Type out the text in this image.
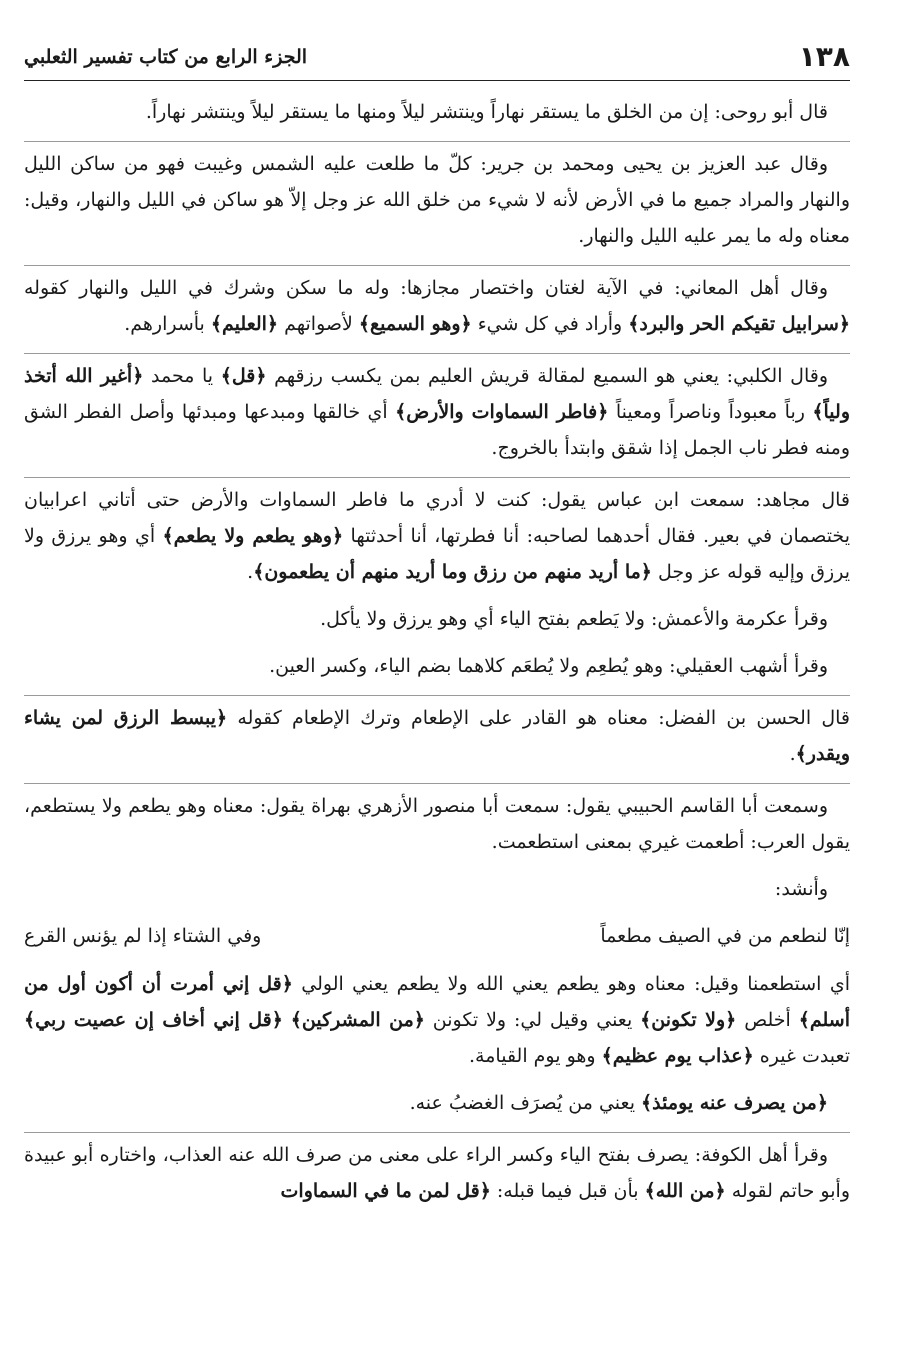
١٣٨
الجزء الرابع من كتاب تفسير الثعلبي

قال أبو روحى: إن من الخلق ما يستقر نهاراً وينتشر ليلاً ومنها ما يستقر ليلاً وينتشر نهاراً.

وقال عبد العزيز بن يحيى ومحمد بن جرير: كلّ ما طلعت عليه الشمس وغيبت فهو من ساكن الليل والنهار والمراد جميع ما في الأرض لأنه لا شيء من خلق الله عز وجل إلاّ هو ساكن في الليل والنهار، وقيل: معناه وله ما يمر عليه الليل والنهار.

وقال أهل المعاني: في الآية لغتان واختصار مجازها: وله ما سكن وشرك في الليل والنهار كقوله ﴿سرابيل تقيكم الحر والبرد﴾ وأراد في كل شيء ﴿وهو السميع﴾ لأصواتهم ﴿العليم﴾ بأسرارهم.

وقال الكلبي: يعني هو السميع لمقالة قريش العليم بمن يكسب رزقهم ﴿قل﴾ يا محمد ﴿أغير الله أتخذ ولياً﴾ رباً معبوداً وناصراً ومعيناً ﴿فاطر السماوات والأرض﴾ أي خالقها ومبدعها ومبدئها وأصل الفطر الشق ومنه فطر ناب الجمل إذا شقق وابتدأ بالخروج.

قال مجاهد: سمعت ابن عباس يقول: كنت لا أدري ما فاطر السماوات والأرض حتى أتاني اعرابيان يختصمان في بعير. فقال أحدهما لصاحبه: أنا فطرتها، أنا أحدثتها ﴿وهو يطعم ولا يطعم﴾ أي وهو يرزق ولا يرزق وإليه قوله عز وجل ﴿ما أريد منهم من رزق وما أريد منهم أن يطعمون﴾.

وقرأ عكرمة والأعمش: ولا يَطعم بفتح الياء أي وهو يرزق ولا يأكل.

وقرأ أشهب العقيلي: وهو يُطعِم ولا يُطعَم كلاهما بضم الياء، وكسر العين.

قال الحسن بن الفضل: معناه هو القادر على الإطعام وترك الإطعام كقوله ﴿يبسط الرزق لمن يشاء ويقدر﴾.

وسمعت أبا القاسم الحبيبي يقول: سمعت أبا منصور الأزهري بهراة يقول: معناه وهو يطعم ولا يستطعم، يقول العرب: أطعمت غيري بمعنى استطعمت.

وأنشد:

إنّا لنطعم من في الصيف مطعماً
وفي الشتاء إذا لم يؤنس القرع

أي استطعمنا وقيل: معناه وهو يطعم يعني الله ولا يطعم يعني الولي ﴿قل إني أمرت أن أكون أول من أسلم﴾ أخلص ﴿ولا تكونن﴾ يعني وقيل لي: ولا تكونن ﴿من المشركين﴾ ﴿قل إني أخاف إن عصيت ربي﴾ تعبدت غيره ﴿عذاب يوم عظيم﴾ وهو يوم القيامة.

﴿من يصرف عنه يومئذ﴾ يعني من يُصرَف الغضبُ عنه.

وقرأ أهل الكوفة: يصرف بفتح الياء وكسر الراء على معنى من صرف الله عنه العذاب، واختاره أبو عبيدة وأبو حاتم لقوله ﴿من الله﴾ بأن قبل فيما قبله: ﴿قل لمن ما في السماوات
